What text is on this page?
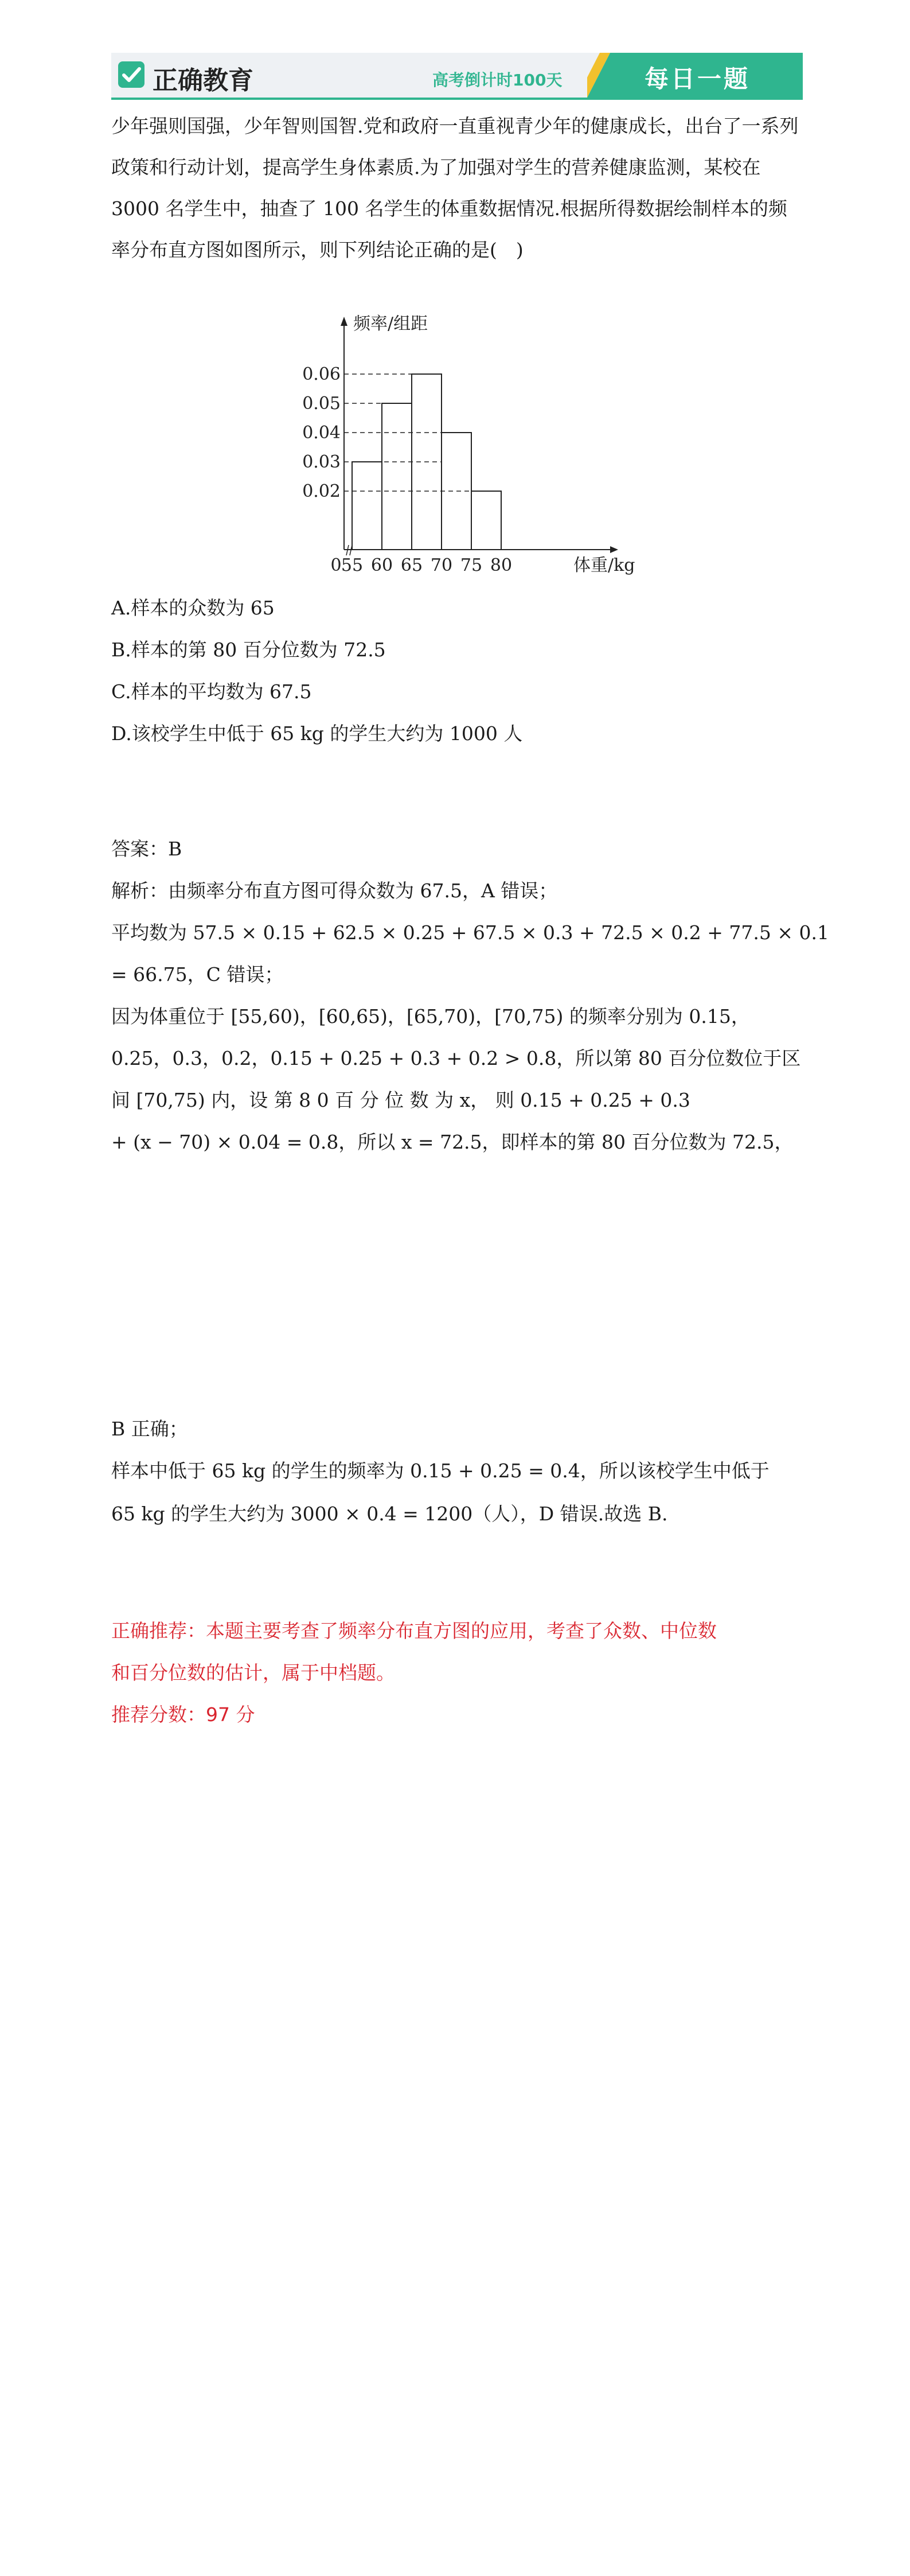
正确教育	高考倒计时100天	每日一题

少年强则国强，少年智则国智.党和政府一直重视青少年的健康成长，出台了一系列政策和行动计划，提高学生身体素质.为了加强对学生的营养健康监测，某校在 3000 名学生中，抽查了 100 名学生的体重数据情况.根据所得数据绘制样本的频率分布直方图如图所示，则下列结论正确的是(　)

频率/组距
体重/kg
0 55 60 65 70 75 80
0.06
0.05
0.04
0.03
0.02
A.样本的众数为 65
B.样本的第 80 百分位数为 72.5
C.样本的平均数为 67.5
D.该校学生中低于 65 kg 的学生大约为 1000 人
答案：B
解析：由频率分布直方图可得众数为 67.5，A 错误；
平均数为 57.5 × 0.15 + 62.5 × 0.25 + 67.5 × 0.3 + 72.5 × 0.2 + 77.5 × 0.1
= 66.75，C 错误；
因为体重位于 [55,60)，[60,65)，[65,70)，[70,75) 的频率分别为 0.15，
0.25，0.3，0.2，0.15 + 0.25 + 0.3 + 0.2 > 0.8，所以第 80 百分位数位于区
间 [70,75) 内，设 第 8 0 百 分 位 数 为 x， 则 0.15 + 0.25 + 0.3
+ (x − 70) × 0.04 = 0.8，所以 x = 72.5，即样本的第 80 百分位数为 72.5，
B 正确；
样本中低于 65 kg 的学生的频率为 0.15 + 0.25 = 0.4，所以该校学生中低于
65 kg 的学生大约为 3000 × 0.4 = 1200（人），D 错误.故选 B.
正确推荐：本题主要考查了频率分布直方图的应用，考查了众数、中位数
和百分位数的估计，属于中档题。
推荐分数：97 分
